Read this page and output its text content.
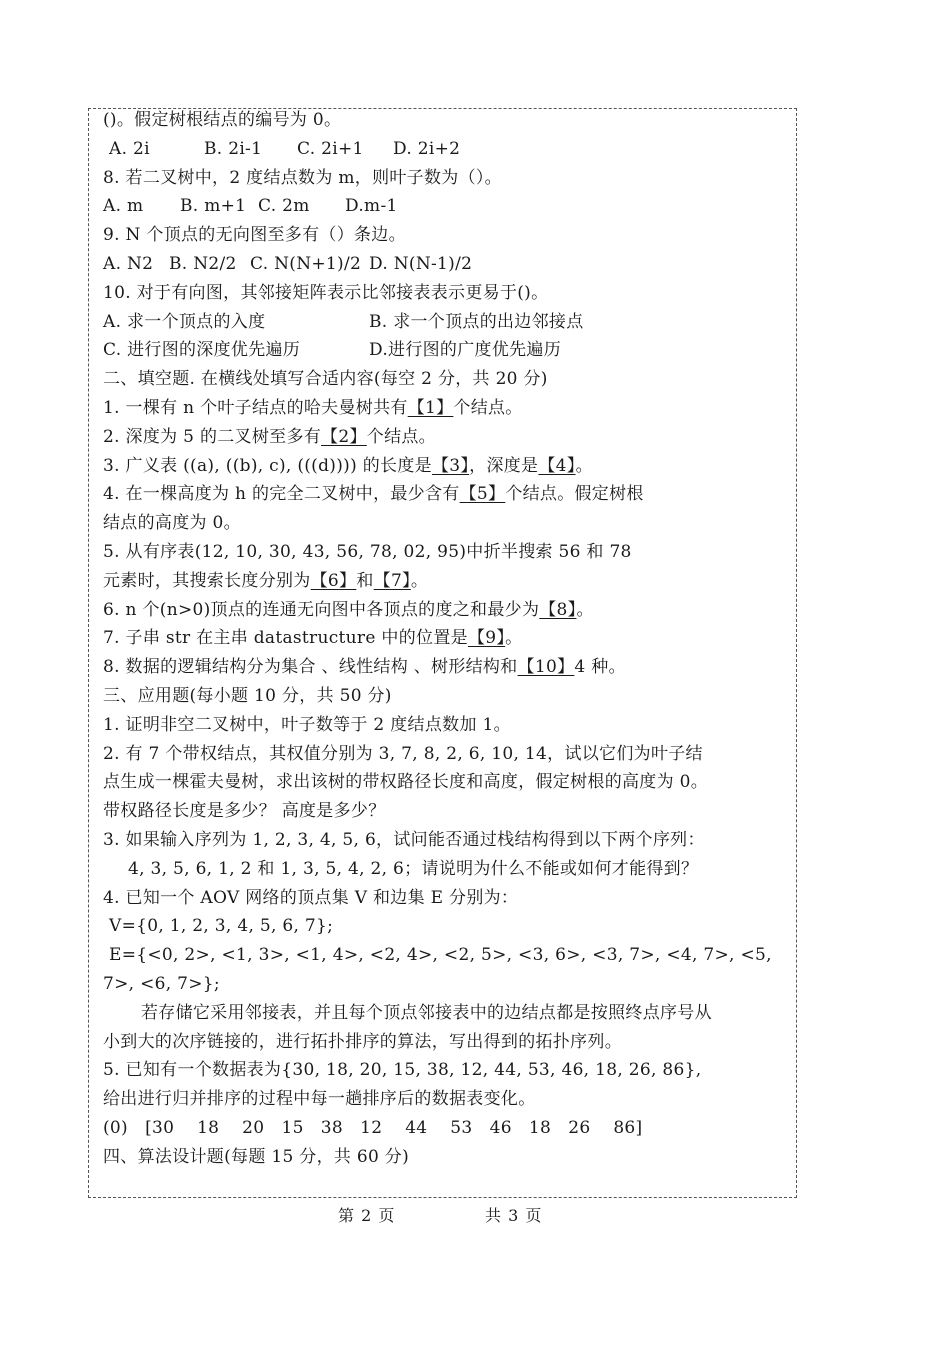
()。假定树根结点的编号为 0。
A. 2i	B. 2i-1 C. 2i+1 D. 2i+2
8. 若二叉树中，2 度结点数为 m，则叶子数为（）。
A. m B. m+1 C. 2m D.m-1
9. N 个顶点的无向图至多有（）条边。
A. N2 B. N2/2 C. N(N+1)/2 D. N(N-1)/2
10. 对于有向图，其邻接矩阵表示比邻接表表示更易于()。
A. 求一个顶点的入度	B. 求一个顶点的出边邻接点
C. 进行图的深度优先遍历	D.进行图的广度优先遍历
二、填空题. 在横线处填写合适内容(每空 2 分，共 20 分)
1. 一棵有 n 个叶子结点的哈夫曼树共有【1】个结点。
2. 深度为 5 的二叉树至多有【2】个结点。
3. 广义表 ((a), ((b), c), (((d)))) 的长度是【3】，深度是【4】。
4. 在一棵高度为 h 的完全二叉树中，最少含有【5】个结点。假定树根
结点的高度为 0。
5. 从有序表(12, 10, 30, 43, 56, 78, 02, 95)中折半搜索 56 和 78
元素时，其搜索长度分别为【6】和【7】。
6. n 个(n>0)顶点的连通无向图中各顶点的度之和最少为【8】。
7. 子串 str 在主串 datastructure 中的位置是【9】。
8. 数据的逻辑结构分为集合 、线性结构 、树形结构和【10】4 种。
三、应用题(每小题 10 分，共 50 分)
1. 证明非空二叉树中，叶子数等于 2 度结点数加 1。
2. 有 7 个带权结点，其权值分别为 3, 7, 8, 2, 6, 10, 14，试以它们为叶子结
点生成一棵霍夫曼树，求出该树的带权路径长度和高度，假定树根的高度为 0。
带权路径长度是多少？ 高度是多少？
3. 如果输入序列为 1, 2, 3, 4, 5, 6，试问能否通过栈结构得到以下两个序列：
4, 3, 5, 6, 1, 2 和 1, 3, 5, 4, 2, 6；请说明为什么不能或如何才能得到？
4. 已知一个 AOV 网络的顶点集 V 和边集 E 分别为：
V={0, 1, 2, 3, 4, 5, 6, 7};
E={<0, 2>, <1, 3>, <1, 4>, <2, 4>, <2, 5>, <3, 6>, <3, 7>, <4, 7>, <5,
7>, <6, 7>};
若存储它采用邻接表，并且每个顶点邻接表中的边结点都是按照终点序号从
小到大的次序链接的，进行拓扑排序的算法，写出得到的拓扑序列。
5. 已知有一个数据表为{30, 18, 20, 15, 38, 12, 44, 53, 46, 18, 26, 86},
给出进行归并排序的过程中每一趟排序后的数据表变化。
(0)   [30    18    20   15   38   12    44    53   46   18   26    86]
四、算法设计题(每题 15 分，共 60 分)
第 2 页	共 3 页
